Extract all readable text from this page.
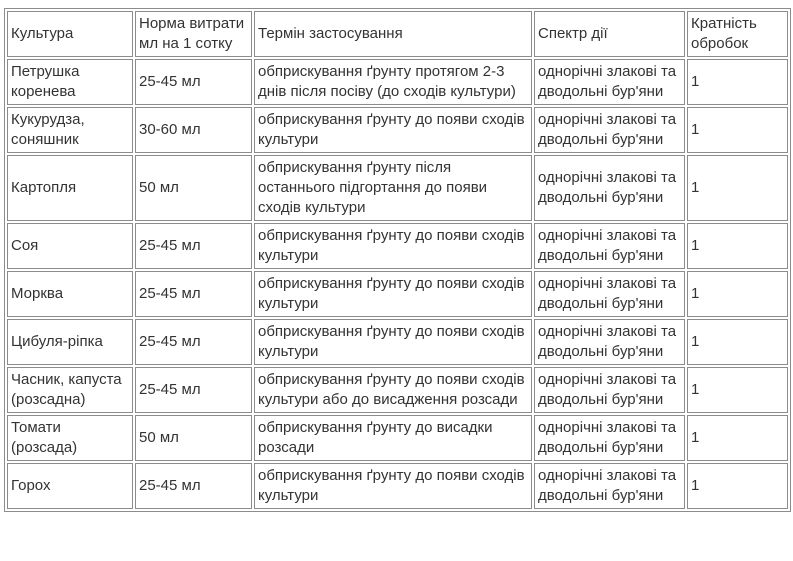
Культура	Норма витрати мл на 1 сотку	Термін застосування	Спектр дії	Кратність обробок
Петрушка коренева	25-45 мл	обприскування ґрунту протягом 2-3 днів після посіву (до сходів культури)	однорічні злакові та дводольні бур'яни	1
Кукурудза, соняшник	30-60 мл	обприскування ґрунту до появи сходів культури	однорічні злакові та дводольні бур'яни	1
Картопля	50 мл	обприскування ґрунту після останнього підгортання до появи сходів культури	однорічні злакові та дводольні бур'яни	1
Соя	25-45 мл	обприскування ґрунту до появи сходів культури	однорічні злакові та дводольні бур'яни	1
Морква	25-45 мл	обприскування ґрунту до появи сходів культури	однорічні злакові та дводольні бур'яни	1
Цибуля-ріпка	25-45 мл	обприскування ґрунту до появи сходів культури	однорічні злакові та дводольні бур'яни	1
Часник, капуста (розсадна)	25-45 мл	обприскування ґрунту до появи сходів культури або до висадження розсади	однорічні злакові та дводольні бур'яни	1
Томати (розсада)	50 мл	обприскування ґрунту до висадки розсади	однорічні злакові та дводольні бур'яни	1
Горох	25-45 мл	обприскування ґрунту до появи сходів культури	однорічні злакові та дводольні бур'яни	1
